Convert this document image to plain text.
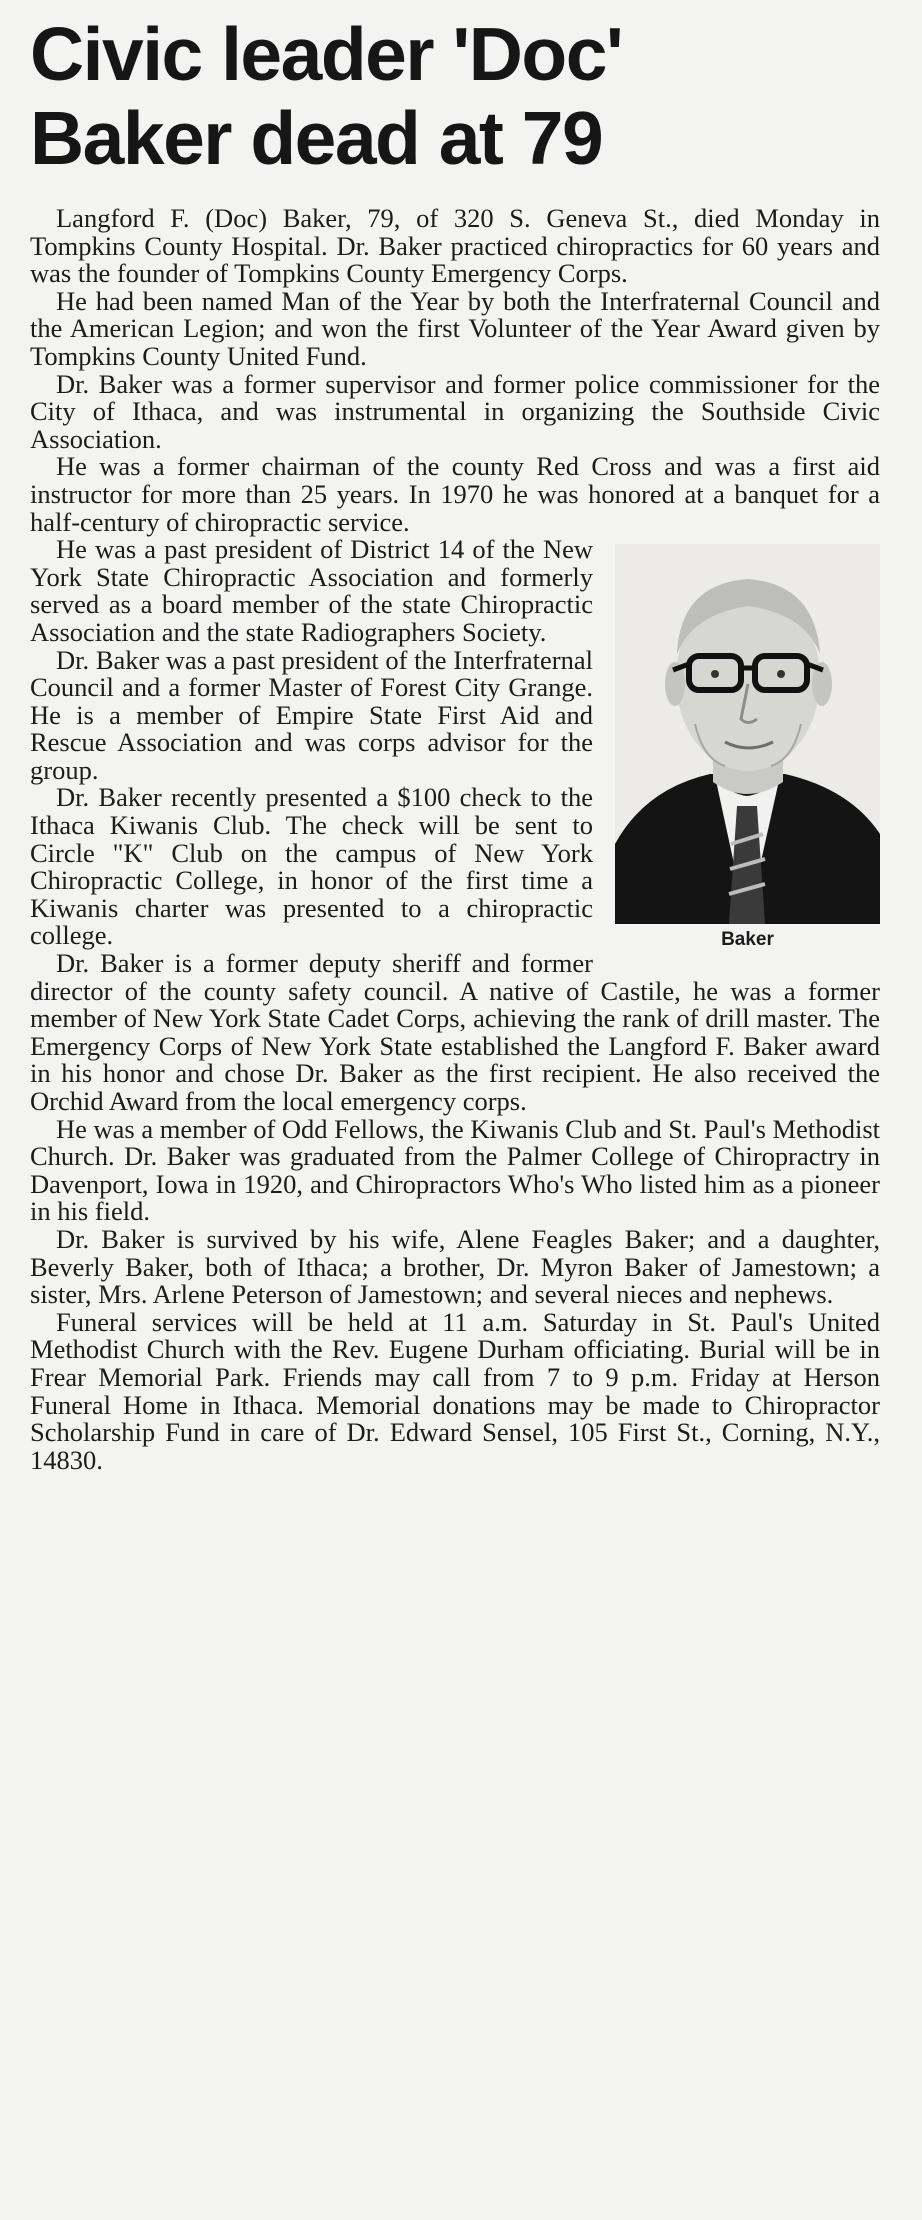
Civic leader 'Doc'
Baker dead at 79

Langford F. (Doc) Baker, 79, of 320 S. Geneva St., died Monday in Tompkins County Hospital. Dr. Baker practiced chiropractics for 60 years and was the founder of Tompkins County Emergency Corps.

He had been named Man of the Year by both the Interfraternal Council and the American Legion; and won the first Volunteer of the Year Award given by Tompkins County United Fund.

Dr. Baker was a former supervisor and former police commissioner for the City of Ithaca, and was instrumental in organizing the Southside Civic Association.

He was a former chairman of the county Red Cross and was a first aid instructor for more than 25 years. In 1970 he was honored at a banquet for a half-century of chiropractic service.

Baker

He was a past president of District 14 of the New York State Chiropractic Association and formerly served as a board member of the state Chiropractic Association and the state Radiographers Society.

Dr. Baker was a past president of the Interfraternal Council and a former Master of Forest City Grange. He is a member of Empire State First Aid and Rescue Association and was corps advisor for the group.

Dr. Baker recently presented a $100 check to the Ithaca Kiwanis Club. The check will be sent to Circle "K" Club on the campus of New York Chiropractic College, in honor of the first time a Kiwanis charter was presented to a chiropractic college.

Dr. Baker is a former deputy sheriff and former director of the county safety council. A native of Castile, he was a former member of New York State Cadet Corps, achieving the rank of drill master. The Emergency Corps of New York State established the Langford F. Baker award in his honor and chose Dr. Baker as the first recipient. He also received the Orchid Award from the local emergency corps.

He was a member of Odd Fellows, the Kiwanis Club and St. Paul's Methodist Church. Dr. Baker was graduated from the Palmer College of Chiropractry in Davenport, Iowa in 1920, and Chiropractors Who's Who listed him as a pioneer in his field.

Dr. Baker is survived by his wife, Alene Feagles Baker; and a daughter, Beverly Baker, both of Ithaca; a brother, Dr. Myron Baker of Jamestown; a sister, Mrs. Arlene Peterson of Jamestown; and several nieces and nephews.

Funeral services will be held at 11 a.m. Saturday in St. Paul's United Methodist Church with the Rev. Eugene Durham officiating. Burial will be in Frear Memorial Park. Friends may call from 7 to 9 p.m. Friday at Herson Funeral Home in Ithaca. Memorial donations may be made to Chiropractor Scholarship Fund in care of Dr. Edward Sensel, 105 First St., Corning, N.Y., 14830.
